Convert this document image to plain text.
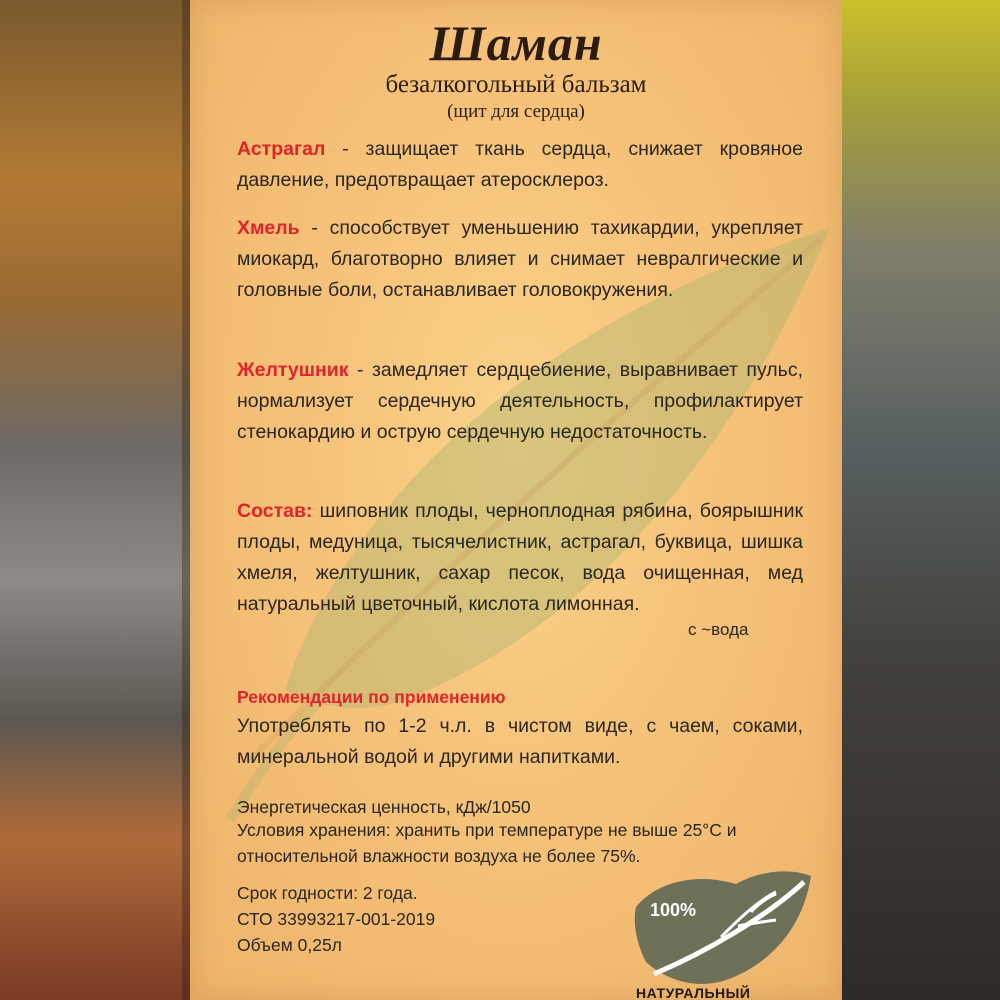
Шаман
безалкогольный бальзам
(щит для сердца)
Астрагал - защищает ткань сердца, снижает кровяное давление, предотвращает атеросклероз.
Хмель - способствует уменьшению тахикардии, укрепляет миокард, благотворно влияет и снимает невралгические и головные боли, останавливает головокружения.
Желтушник - замедляет сердцебиение, выравнивает пульс, нормализует сердечную деятельность, профилактирует стенокардию и острую сердечную недостаточность.
Состав: шиповник плоды, черноплодная рябина, боярышник плоды, медуница, тысячелистник, астрагал, буквица, шишка хмеля, желтушник, сахар песок, вода очищенная, мед натуральный цветочный, кислота лимонная.
с ~вода
Рекомендации по применению
Употреблять по 1-2 ч.л. в чистом виде, с чаем, соками, минеральной водой и другими напитками.
Энергетическая ценность, кДж/1050
Условия хранения: хранить при температуре не выше 25°С и относительной влажности воздуха не более 75%.
Срок годности: 2 года.
СТО 33993217-001-2019
Объем 0,25л
100%
НАТУРАЛЬНЫЙ
